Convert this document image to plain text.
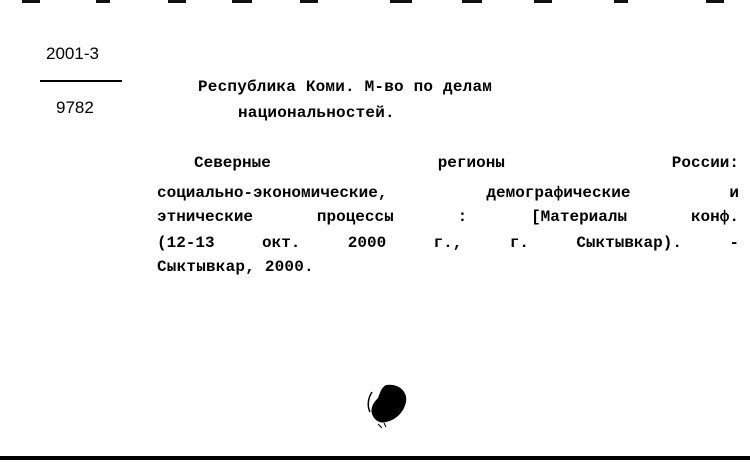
2001-3
9782
Республика Коми. М-во по делам
национальностей.
Северные	регионы	России:
социально-экономические,	демографические	и
этнические	процессы	:	[Материалы	конф.
(12-13	окт.	2000	г.,	г.	Сыктывкар).	-
Сыктывкар, 2000.
